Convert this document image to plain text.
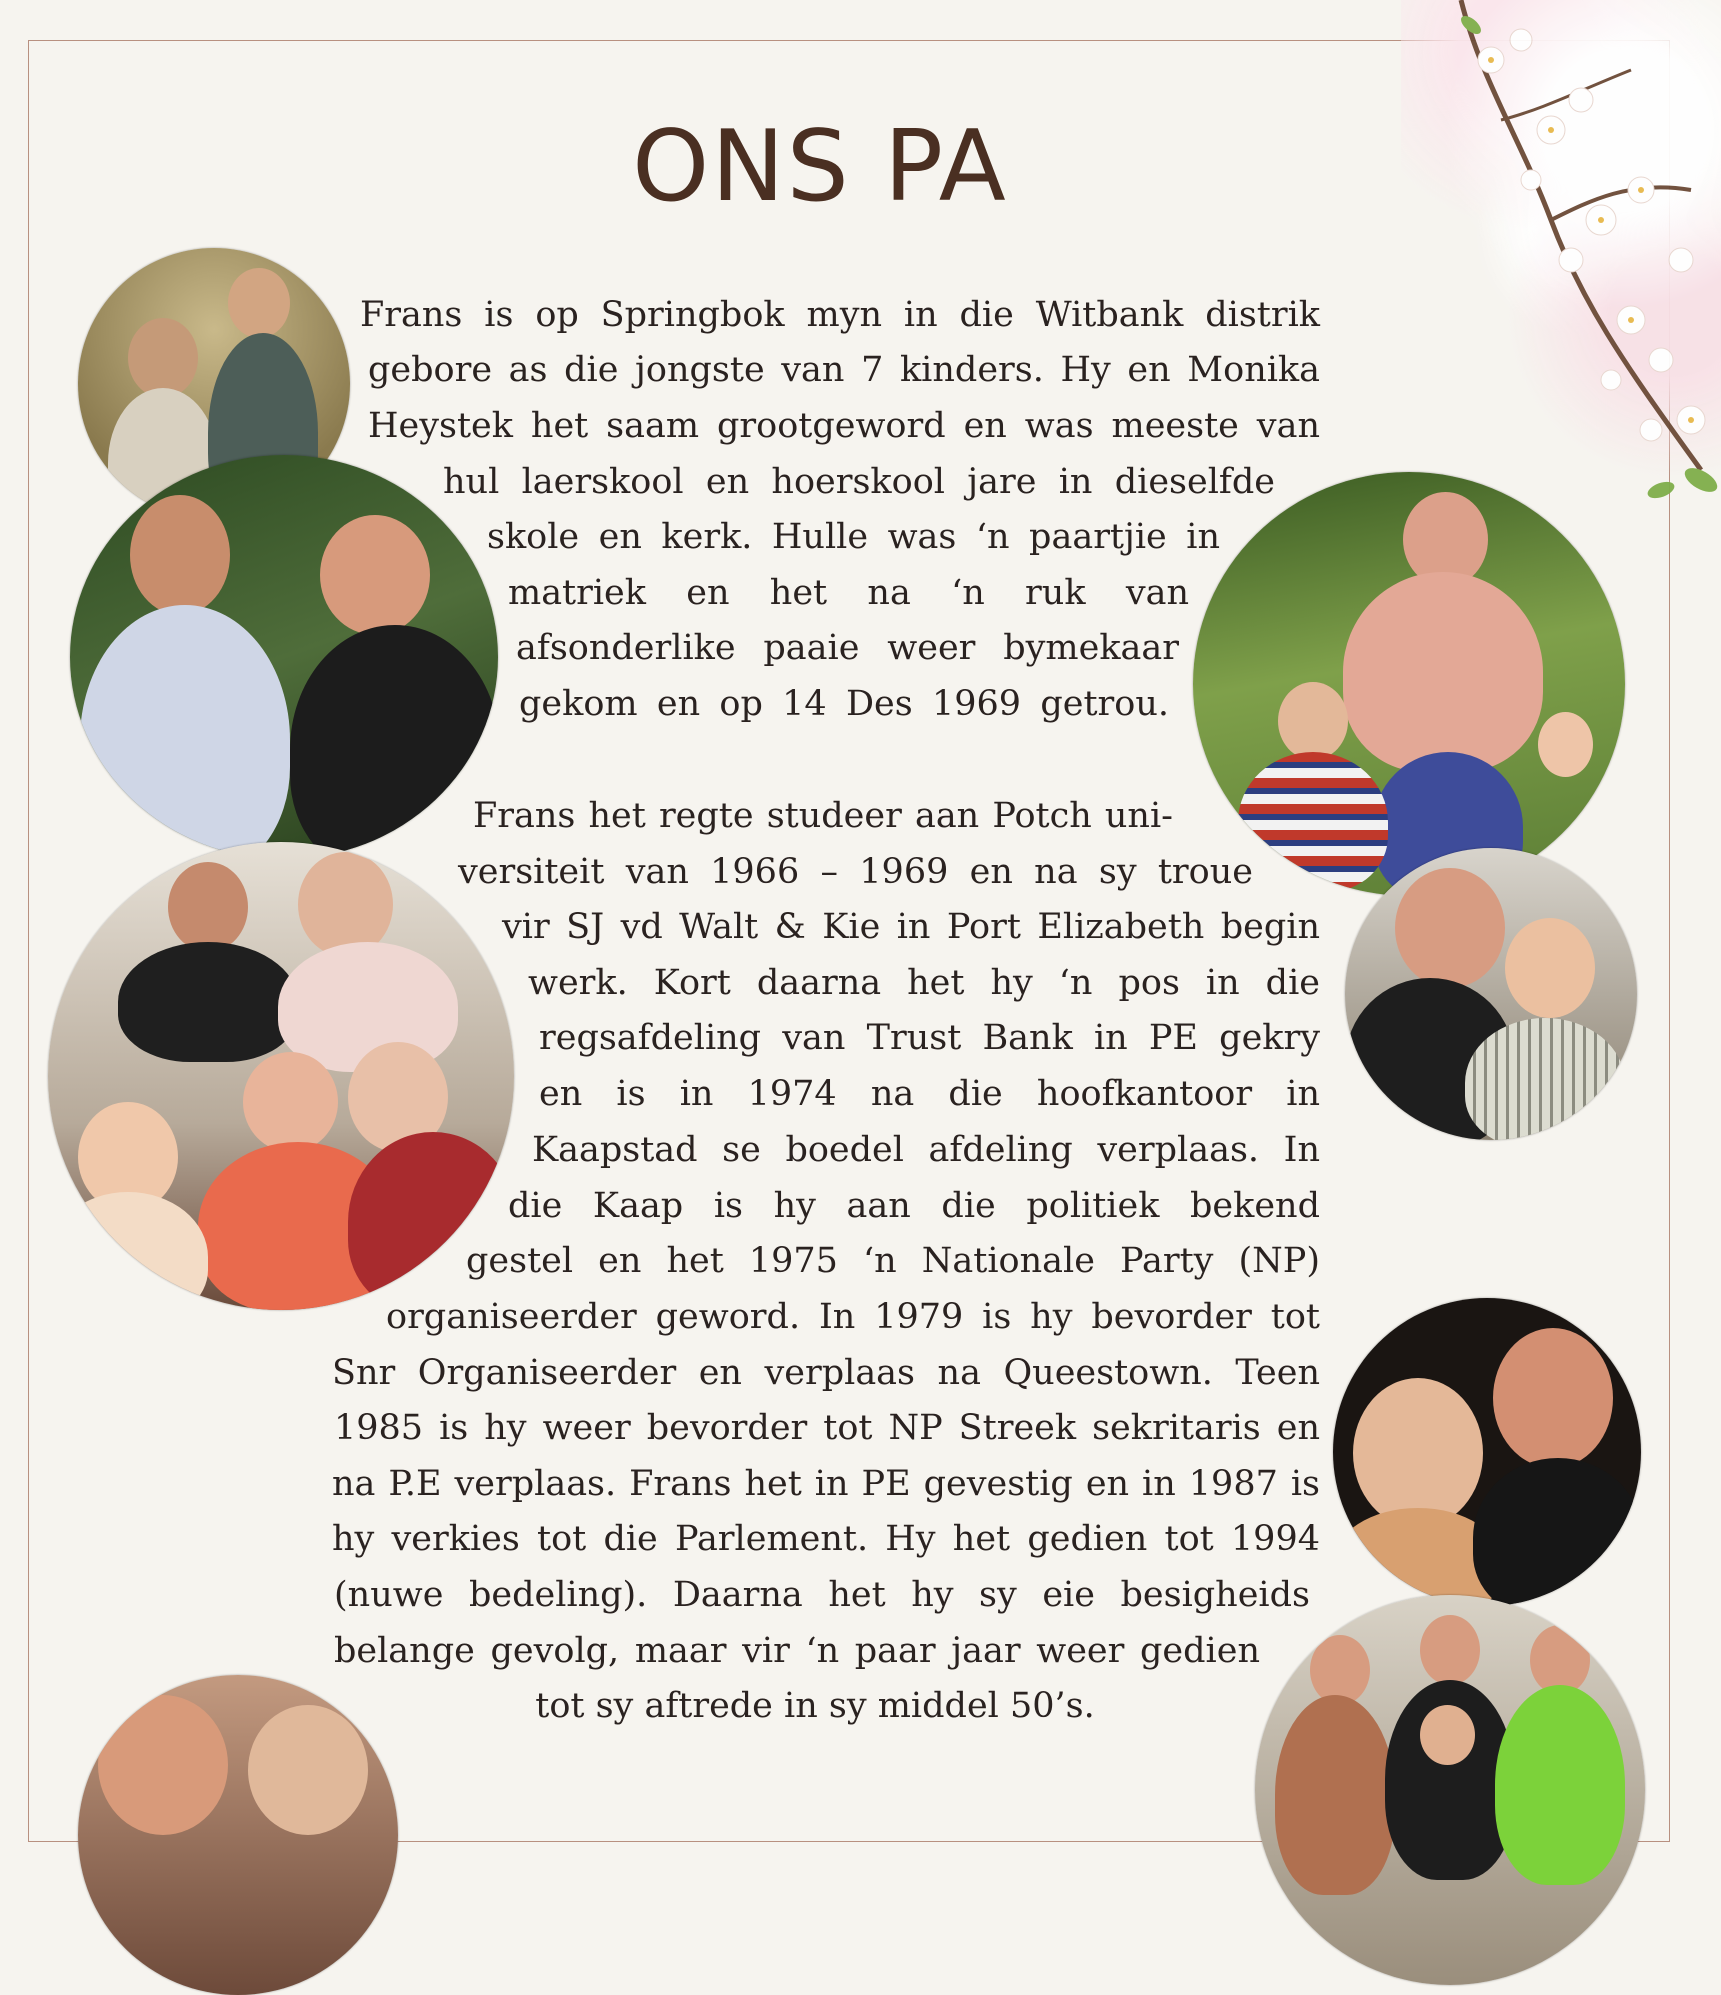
ONS PA
Frans is op Springbok myn in die Witbank distrik
gebore as die jongste van 7 kinders. Hy en Monika
Heystek het saam grootgeword en was meeste van
hul laerskool en hoerskool jare in dieselfde
skole en kerk. Hulle was ‘n paartjie in
matriek en het na ‘n ruk van
afsonderlike paaie weer bymekaar
gekom en op 14 Des 1969 getrou.
Frans het regte studeer aan Potch uni-
versiteit van 1966 – 1969 en na sy troue
vir SJ vd Walt & Kie in Port Elizabeth begin
werk. Kort daarna het hy ‘n pos in die
regsafdeling van Trust Bank in PE gekry
en is in 1974 na die hoofkantoor in
Kaapstad se boedel afdeling verplaas. In
die Kaap is hy aan die politiek bekend
gestel en het 1975 ‘n Nationale Party (NP)
organiseerder geword. In 1979 is hy bevorder tot
Snr Organiseerder en verplaas na Queestown. Teen
1985 is hy weer bevorder tot NP Streek sekritaris en
na P.E verplaas. Frans het in PE gevestig en in 1987 is
hy verkies tot die Parlement. Hy het gedien tot 1994
(nuwe bedeling). Daarna het hy sy eie besigheids
belange gevolg, maar vir ‘n paar jaar weer gedien
tot sy aftrede in sy middel 50’s.
